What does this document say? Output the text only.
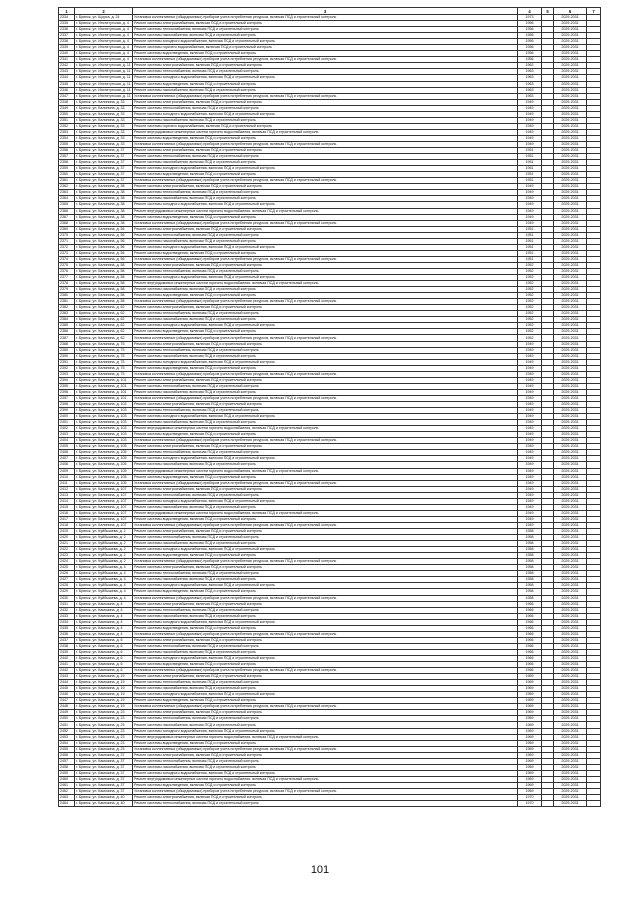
1	2	3	4	5	6	7
2334	г. Брянск, ул. Щорса, д. 24	Установка коллективных (общедомовых) приборов учета потребления ресурсов, включая ПСД и строительный контроль	1973		2029-2031	
2335	г. Брянск, ул. Институтская, д. 4	Ремонт системы электроснабжения, включая ПСД и строительный контроль	1956		2029-2031	
2336	г. Брянск, ул. Институтская, д. 4	Ремонт системы теплоснабжения, включая ПСД и строительный контроль	1956		2029-2031	
2337	г. Брянск, ул. Институтская, д. 4	Ремонт системы газоснабжения, включая ПСД и строительный контроль	1956		2029-2031	
2338	г. Брянск, ул. Институтская, д. 4	Ремонт системы холодного водоснабжения, включая ПСД и строительный контроль	1956		2029-2031	
2339	г. Брянск, ул. Институтская, д. 4	Ремонт системы горячего водоснабжения, включая ПСД и строительный контроль	1956		2029-2031	
2340	г. Брянск, ул. Институтская, д. 4	Ремонт системы водоотведения, включая ПСД и строительный контроль	1956		2029-2031	
2341	г. Брянск, ул. Институтская, д. 4	Установка коллективных (общедомовых) приборов учета потребления ресурсов, включая ПСД и строительный контроль	1956		2029-2031	
2342	г. Брянск, ул. Институтская, д. 11	Ремонт системы электроснабжения, включая ПСД и строительный контроль	1963		2029-2031	
2343	г. Брянск, ул. Институтская, д. 11	Ремонт системы теплоснабжения, включая ПСД и строительный контроль	1963		2029-2031	
2344	г. Брянск, ул. Институтская, д. 11	Ремонт системы холодного водоснабжения, включая ПСД и строительный контроль	1963		2029-2031	
2345	г. Брянск, ул. Институтская, д. 11	Ремонт системы водоотведения, включая ПСД и строительный контроль	1963		2029-2031	
2346	г. Брянск, ул. Институтская, д. 11	Ремонт системы газоснабжения, включая ПСД и строительный контроль	1963		2029-2031	
2347	г. Брянск, ул. Институтская, д. 11	Установка коллективных (общедомовых) приборов учета потребления ресурсов, включая ПСД и строительный контроль	1963		2029-2031	
2348	г. Брянск, ул. Калинина, д. 33	Ремонт системы электроснабжения, включая ПСД и строительный контроль	1949		2029-2031	
2349	г. Брянск, ул. Калинина, д. 33	Ремонт системы теплоснабжения, включая ПСД и строительный контроль	1949		2029-2031	
2350	г. Брянск, ул. Калинина, д. 33	Ремонт системы холодного водоснабжения, включая ПСД и строительный контроль	1949		2029-2031	
2351	г. Брянск, ул. Калинина, д. 33	Ремонт системы газоснабжения, включая ПСД и строительный контроль	1949		2029-2031	
2352	г. Брянск, ул. Калинина, д. 33	Ремонт системы горячего водоснабжения, включая ПСД и строительный контроль	1949		2029-2031	
2353	г. Брянск, ул. Калинина, д. 33	Ремонт внутридомовых инженерных систем горячего водоснабжения, включая ПСД и строительный контроль	1949		2029-2031	
2354	г. Брянск, ул. Калинина, д. 33	Ремонт системы водоотведения, включая ПСД и строительный контроль	1949		2029-2031	
2355	г. Брянск, ул. Калинина, д. 33	Установка коллективных (общедомовых) приборов учета потребления ресурсов, включая ПСД и строительный контроль	1949		2029-2031	
2356	г. Брянск, ул. Калинина, д. 37	Ремонт системы электроснабжения, включая ПСД и строительный контроль	1951		2029-2031	
2357	г. Брянск, ул. Калинина, д. 37	Ремонт системы теплоснабжения, включая ПСД и строительный контроль	1951		2029-2031	
2358	г. Брянск, ул. Калинина, д. 37	Ремонт системы газоснабжения, включая ПСД и строительный контроль	1951		2029-2031	
2359	г. Брянск, ул. Калинина, д. 37	Ремонт системы холодного водоснабжения, включая ПСД и строительный контроль	1951		2029-2031	
2360	г. Брянск, ул. Калинина, д. 37	Ремонт системы водоотведения, включая ПСД и строительный контроль	1951		2029-2031	
2361	г. Брянск, ул. Калинина, д. 37	Установка коллективных (общедомовых) приборов учета потребления ресурсов, включая ПСД и строительный контроль	1951		2029-2031	
2362	г. Брянск, ул. Калинина, д. 38	Ремонт системы электроснабжения, включая ПСД и строительный контроль	1949		2029-2031	
2363	г. Брянск, ул. Калинина, д. 38	Ремонт системы теплоснабжения, включая ПСД и строительный контроль	1949		2029-2031	
2364	г. Брянск, ул. Калинина, д. 38	Ремонт системы газоснабжения, включая ПСД и строительный контроль	1949		2029-2031	
2365	г. Брянск, ул. Калинина, д. 38	Ремонт системы холодного водоснабжения, включая ПСД и строительный контроль	1949		2029-2031	
2366	г. Брянск, ул. Калинина, д. 38	Ремонт внутридомовых инженерных систем горячего водоснабжения, включая ПСД и строительный контроль	1949		2029-2031	
2367	г. Брянск, ул. Калинина, д. 38	Ремонт системы водоотведения, включая ПСД и строительный контроль	1949		2029-2031	
2368	г. Брянск, ул. Калинина, д. 38	Установка коллективных (общедомовых) приборов учета потребления ресурсов, включая ПСД и строительный контроль	1949		2029-2031	
2369	г. Брянск, ул. Калинина, д. 56	Ремонт системы электроснабжения, включая ПСД и строительный контроль	1951		2029-2031	
2370	г. Брянск, ул. Калинина, д. 56	Ремонт системы теплоснабжения, включая ПСД и строительный контроль	1951		2029-2031	
2371	г. Брянск, ул. Калинина, д. 56	Ремонт системы газоснабжения, включая ПСД и строительный контроль	1951		2029-2031	
2372	г. Брянск, ул. Калинина, д. 56	Ремонт системы холодного водоснабжения, включая ПСД и строительный контроль	1951		2029-2031	
2373	г. Брянск, ул. Калинина, д. 56	Ремонт системы водоотведения, включая ПСД и строительный контроль	1951		2029-2031	
2374	г. Брянск, ул. Калинина, д. 56	Установка коллективных (общедомовых) приборов учета потребления ресурсов, включая ПСД и строительный контроль	1951		2029-2031	
2375	г. Брянск, ул. Калинина, д. 58	Ремонт системы электроснабжения, включая ПСД и строительный контроль	1952		2029-2031	
2376	г. Брянск, ул. Калинина, д. 58	Ремонт системы теплоснабжения, включая ПСД и строительный контроль	1952		2029-2031	
2377	г. Брянск, ул. Калинина, д. 58	Ремонт системы холодного водоснабжения, включая ПСД и строительный контроль	1952		2029-2031	
2378	г. Брянск, ул. Калинина, д. 58	Ремонт внутридомовых инженерных систем горячего водоснабжения, включая ПСД и строительный контроль	1952		2029-2031	
2379	г. Брянск, ул. Калинина, д. 58	Ремонт системы газоснабжения, включая ПСД и строительный контроль	1952		2029-2031	
2380	г. Брянск, ул. Калинина, д. 58	Ремонт системы водоотведения, включая ПСД и строительный контроль	1952		2029-2031	
2381	г. Брянск, ул. Калинина, д. 58	Установка коллективных (общедомовых) приборов учета потребления ресурсов, включая ПСД и строительный контроль	1952		2029-2031	
2382	г. Брянск, ул. Калинина, д. 62	Ремонт системы электроснабжения, включая ПСД и строительный контроль	1952		2029-2031	
2383	г. Брянск, ул. Калинина, д. 62	Ремонт системы теплоснабжения, включая ПСД и строительный контроль	1952		2029-2031	
2384	г. Брянск, ул. Калинина, д. 62	Ремонт системы газоснабжения, включая ПСД и строительный контроль	1952		2029-2031	
2385	г. Брянск, ул. Калинина, д. 62	Ремонт системы холодного водоснабжения, включая ПСД и строительный контроль	1952		2029-2031	
2386	г. Брянск, ул. Калинина, д. 62	Ремонт системы водоотведения, включая ПСД и строительный контроль	1952		2029-2031	
2387	г. Брянск, ул. Калинина, д. 62	Установка коллективных (общедомовых) приборов учета потребления ресурсов, включая ПСД и строительный контроль	1952		2029-2031	
2388	г. Брянск, ул. Калинина, д. 75	Ремонт системы электроснабжения, включая ПСД и строительный контроль	1949		2029-2031	
2389	г. Брянск, ул. Калинина, д. 75	Ремонт системы теплоснабжения, включая ПСД и строительный контроль	1949		2029-2031	
2390	г. Брянск, ул. Калинина, д. 75	Ремонт системы газоснабжения, включая ПСД и строительный контроль	1949		2029-2031	
2391	г. Брянск, ул. Калинина, д. 75	Ремонт системы холодного водоснабжения, включая ПСД и строительный контроль	1949		2029-2031	
2392	г. Брянск, ул. Калинина, д. 75	Ремонт системы водоотведения, включая ПСД и строительный контроль	1949		2029-2031	
2393	г. Брянск, ул. Калинина, д. 75	Установка коллективных (общедомовых) приборов учета потребления ресурсов, включая ПСД и строительный контроль	1949		2029-2031	
2394	г. Брянск, ул. Калинина, д. 101	Ремонт системы электроснабжения, включая ПСД и строительный контроль	1949		2029-2031	
2395	г. Брянск, ул. Калинина, д. 101	Ремонт системы теплоснабжения, включая ПСД и строительный контроль	1949		2029-2031	
2396	г. Брянск, ул. Калинина, д. 101	Ремонт системы газоснабжения, включая ПСД и строительный контроль	1949		2029-2031	
2397	г. Брянск, ул. Калинина, д. 101	Установка коллективных (общедомовых) приборов учета потребления ресурсов, включая ПСД и строительный контроль	1949		2029-2031	
2398	г. Брянск, ул. Калинина, д. 103	Ремонт системы электроснабжения, включая ПСД и строительный контроль	1949		2029-2031	
2399	г. Брянск, ул. Калинина, д. 103	Ремонт системы теплоснабжения, включая ПСД и строительный контроль	1949		2029-2031	
2400	г. Брянск, ул. Калинина, д. 103	Ремонт системы холодного водоснабжения, включая ПСД и строительный контроль	1949		2029-2031	
2401	г. Брянск, ул. Калинина, д. 103	Ремонт системы газоснабжения, включая ПСД и строительный контроль	1949		2029-2031	
2402	г. Брянск, ул. Калинина, д. 103	Ремонт внутридомовых инженерных систем горячего водоснабжения, включая ПСД и строительный контроль	1949		2029-2031	
2403	г. Брянск, ул. Калинина, д. 103	Ремонт системы водоотведения, включая ПСД и строительный контроль	1949		2029-2031	
2404	г. Брянск, ул. Калинина, д. 103	Установка коллективных (общедомовых) приборов учета потребления ресурсов, включая ПСД и строительный контроль	1949		2029-2031	
2405	г. Брянск, ул. Калинина, д. 105	Ремонт системы электроснабжения, включая ПСД и строительный контроль	1949		2029-2031	
2406	г. Брянск, ул. Калинина, д. 105	Ремонт системы теплоснабжения, включая ПСД и строительный контроль	1949		2029-2031	
2407	г. Брянск, ул. Калинина, д. 105	Ремонт системы холодного водоснабжения, включая ПСД и строительный контроль	1949		2029-2031	
2408	г. Брянск, ул. Калинина, д. 105	Ремонт системы газоснабжения, включая ПСД и строительный контроль	1949		2029-2031	
2409	г. Брянск, ул. Калинина, д. 105	Ремонт внутридомовых инженерных систем горячего водоснабжения, включая ПСД и строительный контроль	1949		2029-2031	
2410	г. Брянск, ул. Калинина, д. 105	Ремонт системы водоотведения, включая ПСД и строительный контроль	1949		2029-2031	
2411	г. Брянск, ул. Калинина, д. 105	Установка коллективных (общедомовых) приборов учета потребления ресурсов, включая ПСД и строительный контроль	1949		2029-2031	
2412	г. Брянск, ул. Калинина, д. 107	Ремонт системы электроснабжения, включая ПСД и строительный контроль	1949		2029-2031	
2413	г. Брянск, ул. Калинина, д. 107	Ремонт системы теплоснабжения, включая ПСД и строительный контроль	1949		2029-2031	
2414	г. Брянск, ул. Калинина, д. 107	Ремонт системы холодного водоснабжения, включая ПСД и строительный контроль	1949		2029-2031	
2415	г. Брянск, ул. Калинина, д. 107	Ремонт системы газоснабжения, включая ПСД и строительный контроль	1949		2029-2031	
2416	г. Брянск, ул. Калинина, д. 107	Ремонт внутридомовых инженерных систем горячего водоснабжения, включая ПСД и строительный контроль	1949		2029-2031	
2417	г. Брянск, ул. Калинина, д. 107	Ремонт системы водоотведения, включая ПСД и строительный контроль	1949		2029-2031	
2418	г. Брянск, ул. Калинина, д. 107	Установка коллективных (общедомовых) приборов учета потребления ресурсов, включая ПСД и строительный контроль	1949		2029-2031	
2419	г. Брянск, ул. Куйбышева, д. 2	Ремонт системы электроснабжения, включая ПСД и строительный контроль	1958		2029-2031	
2420	г. Брянск, ул. Куйбышева, д. 2	Ремонт системы теплоснабжения, включая ПСД и строительный контроль	1958		2029-2031	
2421	г. Брянск, ул. Куйбышева, д. 2	Ремонт системы газоснабжения, включая ПСД и строительный контроль	1958		2029-2031	
2422	г. Брянск, ул. Куйбышева, д. 2	Ремонт системы холодного водоснабжения, включая ПСД и строительный контроль	1958		2029-2031	
2423	г. Брянск, ул. Куйбышева, д. 2	Ремонт системы водоотведения, включая ПСД и строительный контроль	1958		2029-2031	
2424	г. Брянск, ул. Куйбышева, д. 2	Установка коллективных (общедомовых) приборов учета потребления ресурсов, включая ПСД и строительный контроль	1958		2029-2031	
2425	г. Брянск, ул. Куйбышева, д. 4	Ремонт системы электроснабжения, включая ПСД и строительный контроль	1958		2029-2031	
2426	г. Брянск, ул. Куйбышева, д. 4	Ремонт системы теплоснабжения, включая ПСД и строительный контроль	1958		2029-2031	
2427	г. Брянск, ул. Куйбышева, д. 4	Ремонт системы газоснабжения, включая ПСД и строительный контроль	1958		2029-2031	
2428	г. Брянск, ул. Куйбышева, д. 4	Ремонт системы холодного водоснабжения, включая ПСД и строительный контроль	1958		2029-2031	
2429	г. Брянск, ул. Куйбышева, д. 4	Ремонт системы водоотведения, включая ПСД и строительный контроль	1958		2029-2031	
2430	г. Брянск, ул. Куйбышева, д. 4	Установка коллективных (общедомовых) приборов учета потребления ресурсов, включая ПСД и строительный контроль	1958		2029-2031	
2431	г. Брянск, ул. Камозина, д. 4	Ремонт системы электроснабжения, включая ПСД и строительный контроль	1966		2029-2031	
2432	г. Брянск, ул. Камозина, д. 4	Ремонт системы теплоснабжения, включая ПСД и строительный контроль	1966		2029-2031	
2433	г. Брянск, ул. Камозина, д. 4	Ремонт системы газоснабжения, включая ПСД и строительный контроль	1966		2029-2031	
2434	г. Брянск, ул. Камозина, д. 4	Ремонт системы холодного водоснабжения, включая ПСД и строительный контроль	1966		2029-2031	
2435	г. Брянск, ул. Камозина, д. 4	Ремонт системы водоотведения, включая ПСД и строительный контроль	1966		2029-2031	
2436	г. Брянск, ул. Камозина, д. 4	Установка коллективных (общедомовых) приборов учета потребления ресурсов, включая ПСД и строительный контроль	1966		2029-2031	
2437	г. Брянск, ул. Камозина, д. 6	Ремонт системы электроснабжения, включая ПСД и строительный контроль	1966		2029-2031	
2438	г. Брянск, ул. Камозина, д. 6	Ремонт системы теплоснабжения, включая ПСД и строительный контроль	1966		2029-2031	
2439	г. Брянск, ул. Камозина, д. 6	Ремонт системы газоснабжения, включая ПСД и строительный контроль	1966		2029-2031	
2440	г. Брянск, ул. Камозина, д. 6	Ремонт системы холодного водоснабжения, включая ПСД и строительный контроль	1966		2029-2031	
2441	г. Брянск, ул. Камозина, д. 6	Ремонт системы водоотведения, включая ПСД и строительный контроль	1966		2029-2031	
2442	г. Брянск, ул. Камозина, д. 6	Установка коллективных (общедомовых) приборов учета потребления ресурсов, включая ПСД и строительный контроль	1966		2029-2031	
2443	г. Брянск, ул. Камозина, д. 19	Ремонт системы электроснабжения, включая ПСД и строительный контроль	1969		2029-2031	
2444	г. Брянск, ул. Камозина, д. 19	Ремонт системы теплоснабжения, включая ПСД и строительный контроль	1969		2029-2031	
2445	г. Брянск, ул. Камозина, д. 19	Ремонт системы газоснабжения, включая ПСД и строительный контроль	1969		2029-2031	
2446	г. Брянск, ул. Камозина, д. 19	Ремонт системы холодного водоснабжения, включая ПСД и строительный контроль	1969		2029-2031	
2447	г. Брянск, ул. Камозина, д. 19	Ремонт системы водоотведения, включая ПСД и строительный контроль	1969		2029-2031	
2448	г. Брянск, ул. Камозина, д. 19	Установка коллективных (общедомовых) приборов учета потребления ресурсов, включая ПСД и строительный контроль	1969		2029-2031	
2449	г. Брянск, ул. Камозина, д. 23	Ремонт системы электроснабжения, включая ПСД и строительный контроль	1969		2029-2031	
2450	г. Брянск, ул. Камозина, д. 23	Ремонт системы теплоснабжения, включая ПСД и строительный контроль	1969		2029-2031	
2451	г. Брянск, ул. Камозина, д. 23	Ремонт системы газоснабжения, включая ПСД и строительный контроль	1969		2029-2031	
2452	г. Брянск, ул. Камозина, д. 23	Ремонт системы холодного водоснабжения, включая ПСД и строительный контроль	1969		2029-2031	
2453	г. Брянск, ул. Камозина, д. 23	Ремонт внутридомовых инженерных систем горячего водоснабжения, включая ПСД и строительный контроль	1969		2029-2031	
2454	г. Брянск, ул. Камозина, д. 23	Ремонт системы водоотведения, включая ПСД и строительный контроль	1969		2029-2031	
2455	г. Брянск, ул. Камозина, д. 23	Установка коллективных (общедомовых) приборов учета потребления ресурсов, включая ПСД и строительный контроль	1969		2029-2031	
2456	г. Брянск, ул. Камозина, д. 37	Ремонт системы электроснабжения, включая ПСД и строительный контроль	1969		2029-2031	
2457	г. Брянск, ул. Камозина, д. 37	Ремонт системы теплоснабжения, включая ПСД и строительный контроль	1969		2029-2031	
2458	г. Брянск, ул. Камозина, д. 37	Ремонт системы газоснабжения, включая ПСД и строительный контроль	1969		2029-2031	
2459	г. Брянск, ул. Камозина, д. 37	Ремонт системы холодного водоснабжения, включая ПСД и строительный контроль	1969		2029-2031	
2460	г. Брянск, ул. Камозина, д. 37	Ремонт внутридомовых инженерных систем горячего водоснабжения, включая ПСД и строительный контроль	1969		2029-2031	
2461	г. Брянск, ул. Камозина, д. 37	Ремонт системы водоотведения, включая ПСД и строительный контроль	1969		2029-2031	
2462	г. Брянск, ул. Камозина, д. 37	Установка коллективных (общедомовых) приборов учета потребления ресурсов, включая ПСД и строительный контроль	1969		2029-2031	
2463	г. Брянск, ул. Камозина, д. 40	Ремонт системы электроснабжения, включая ПСД и строительный контроль	1970		2029-2031	
2464	г. Брянск, ул. Камозина, д. 40	Ремонт системы теплоснабжения, включая ПСД и строительный контроль	1970		2029-2031	
101
